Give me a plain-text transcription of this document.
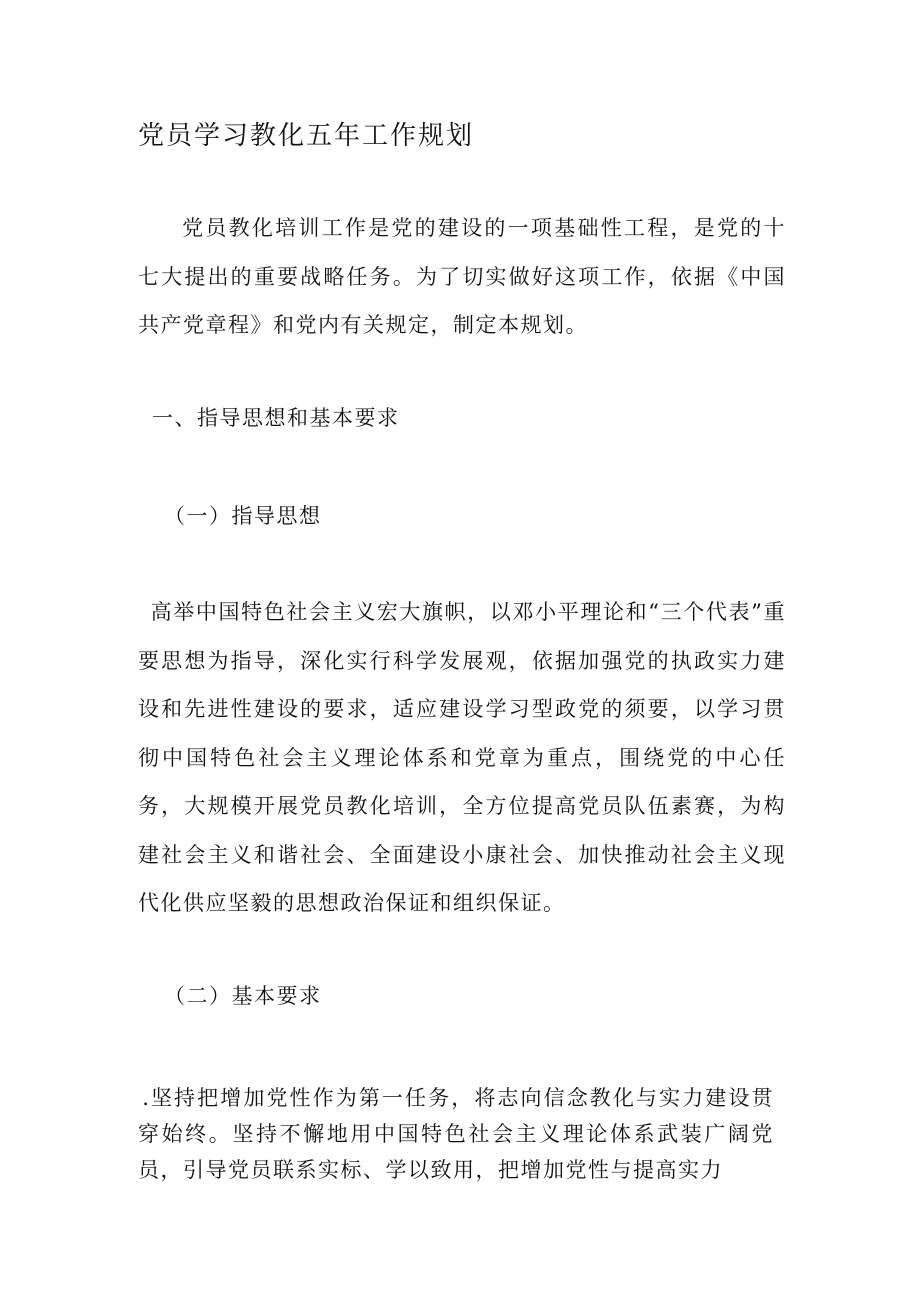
党员学习教化五年工作规划

党员教化培训工作是党的建设的一项基础性工程，是党的十七大提出的重要战略任务。为了切实做好这项工作，依据《中国共产党章程》和党内有关规定，制定本规划。

一、指导思想和基本要求
（一）指导思想

高举中国特色社会主义宏大旗帜，以邓小平理论和“三个代表”重要思想为指导，深化实行科学发展观，依据加强党的执政实力建设和先进性建设的要求，适应建设学习型政党的须要，以学习贯彻中国特色社会主义理论体系和党章为重点，围绕党的中心任务，大规模开展党员教化培训，全方位提高党员队伍素赛，为构建社会主义和谐社会、全面建设小康社会、加快推动社会主义现代化供应坚毅的思想政治保证和组织保证。

（二）基本要求

.坚持把增加党性作为第一任务，将志向信念教化与实力建设贯穿始终。坚持不懈地用中国特色社会主义理论体系武装广阔党员，引导党员联系实标、学以致用，把增加党性与提高实力
